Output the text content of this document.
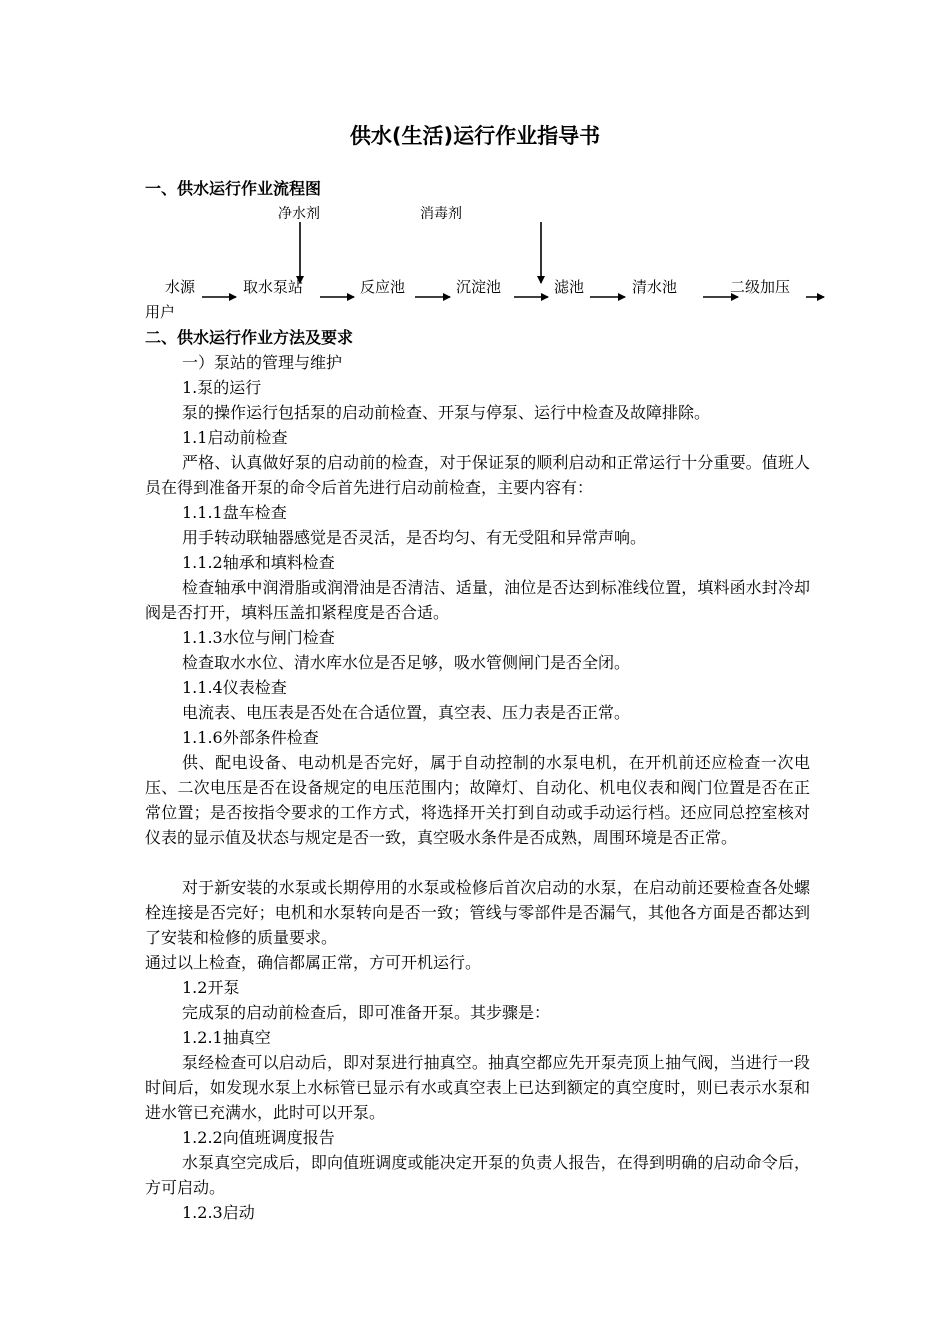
供水(生活)运行作业指导书
一、供水运行作业流程图
净水剂	消毒剂
水源	取水泵站	反应池	沉淀池	滤池	清水池	二级加压
用户
二、供水运行作业方法及要求
一）泵站的管理与维护
1.泵的运行
泵的操作运行包括泵的启动前检查、开泵与停泵、运行中检查及故障排除。
1.1启动前检查
严格、认真做好泵的启动前的检查，对于保证泵的顺利启动和正常运行十分重要。值班人员在得到准备开泵的命令后首先进行启动前检查，主要内容有：
1.1.1盘车检查
用手转动联轴器感觉是否灵活，是否均匀、有无受阻和异常声响。
1.1.2轴承和填料检查
检查轴承中润滑脂或润滑油是否清洁、适量，油位是否达到标准线位置，填料函水封冷却阀是否打开，填料压盖扣紧程度是否合适。
1.1.3水位与闸门检查
检查取水水位、清水库水位是否足够，吸水管侧闸门是否全闭。
1.1.4仪表检查
电流表、电压表是否处在合适位置，真空表、压力表是否正常。
1.1.6外部条件检查
供、配电设备、电动机是否完好，属于自动控制的水泵电机，在开机前还应检查一次电压、二次电压是否在设备规定的电压范围内；故障灯、自动化、机电仪表和阀门位置是否在正常位置；是否按指令要求的工作方式，将选择开关打到自动或手动运行档。还应同总控室核对仪表的显示值及状态与规定是否一致，真空吸水条件是否成熟，周围环境是否正常。
对于新安装的水泵或长期停用的水泵或检修后首次启动的水泵，在启动前还要检查各处螺栓连接是否完好；电机和水泵转向是否一致；管线与零部件是否漏气，其他各方面是否都达到了安装和检修的质量要求。
通过以上检查，确信都属正常，方可开机运行。
1.2开泵
完成泵的启动前检查后，即可准备开泵。其步骤是：
1.2.1抽真空
泵经检查可以启动后，即对泵进行抽真空。抽真空都应先开泵壳顶上抽气阀，当进行一段时间后，如发现水泵上水标管已显示有水或真空表上已达到额定的真空度时，则已表示水泵和进水管已充满水，此时可以开泵。
1.2.2向值班调度报告
水泵真空完成后，即向值班调度或能决定开泵的负责人报告，在得到明确的启动命令后，方可启动。
1.2.3启动
